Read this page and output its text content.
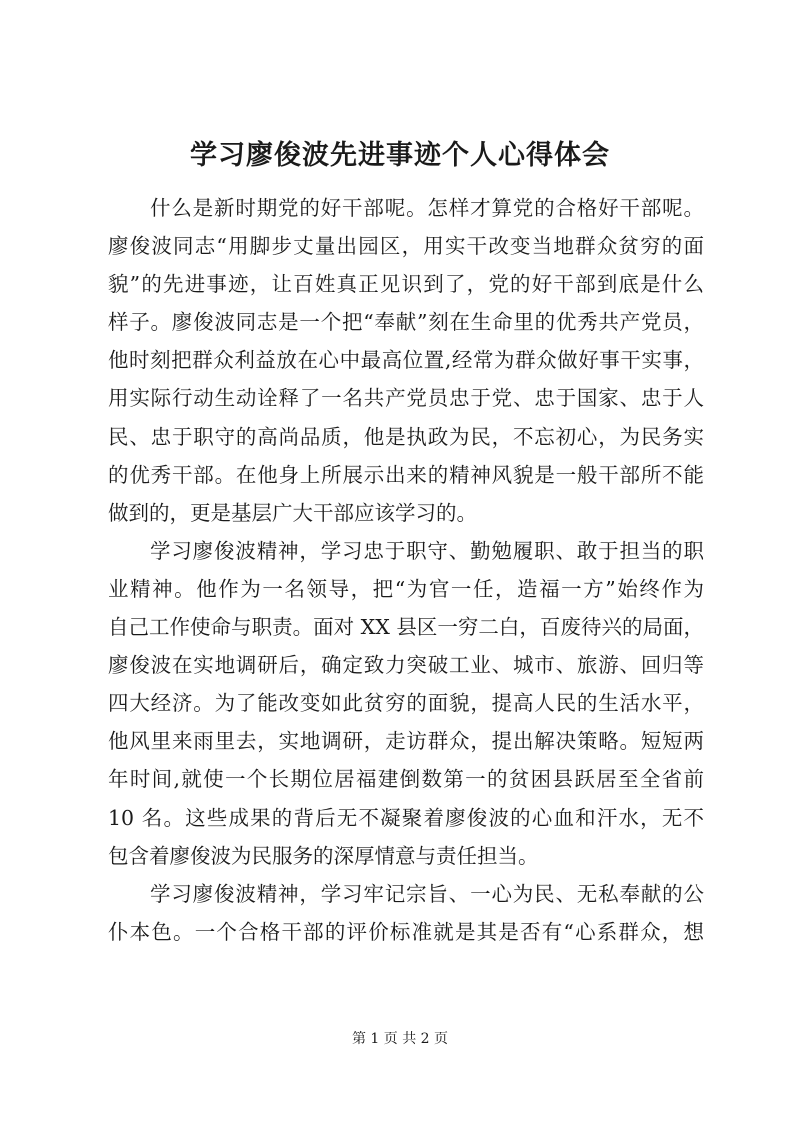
学习廖俊波先进事迹个人心得体会
什么是新时期党的好干部呢。怎样才算党的合格好干部呢。
廖俊波同志“用脚步丈量出园区，用实干改变当地群众贫穷的面
貌”的先进事迹，让百姓真正见识到了，党的好干部到底是什么
样子。廖俊波同志是一个把“奉献”刻在生命里的优秀共产党员，
他时刻把群众利益放在心中最高位置,经常为群众做好事干实事，
用实际行动生动诠释了一名共产党员忠于党、忠于国家、忠于人
民、忠于职守的高尚品质，他是执政为民，不忘初心，为民务实
的优秀干部。在他身上所展示出来的精神风貌是一般干部所不能
做到的，更是基层广大干部应该学习的。
学习廖俊波精神，学习忠于职守、勤勉履职、敢于担当的职
业精神。他作为一名领导，把“为官一任，造福一方”始终作为
自己工作使命与职责。面对 XX 县区一穷二白，百废待兴的局面，
廖俊波在实地调研后，确定致力突破工业、城市、旅游、回归等
四大经济。为了能改变如此贫穷的面貌，提高人民的生活水平，
他风里来雨里去，实地调研，走访群众，提出解决策略。短短两
年时间,就使一个长期位居福建倒数第一的贫困县跃居至全省前
10 名。这些成果的背后无不凝聚着廖俊波的心血和汗水，无不
包含着廖俊波为民服务的深厚情意与责任担当。
学习廖俊波精神，学习牢记宗旨、一心为民、无私奉献的公
仆本色。一个合格干部的评价标准就是其是否有“心系群众，想
第 1 页 共 2 页
